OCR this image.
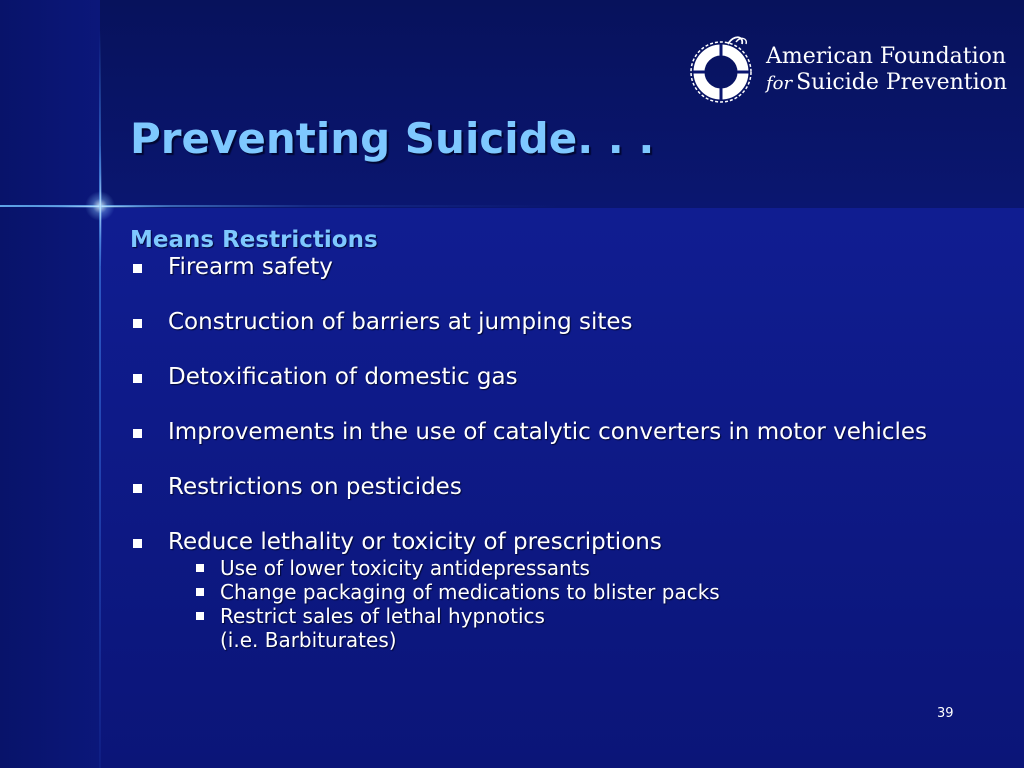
American Foundation
for Suicide Prevention
Preventing Suicide. . .
Means Restrictions
Firearm safety
Construction of barriers at jumping sites
Detoxification of domestic gas
Improvements in the use of catalytic converters in motor vehicles
Restrictions on pesticides
Reduce lethality or toxicity of prescriptions
Use of lower toxicity antidepressants
Change packaging of medications to blister packs
Restrict sales of lethal hypnotics
(i.e. Barbiturates)
39
